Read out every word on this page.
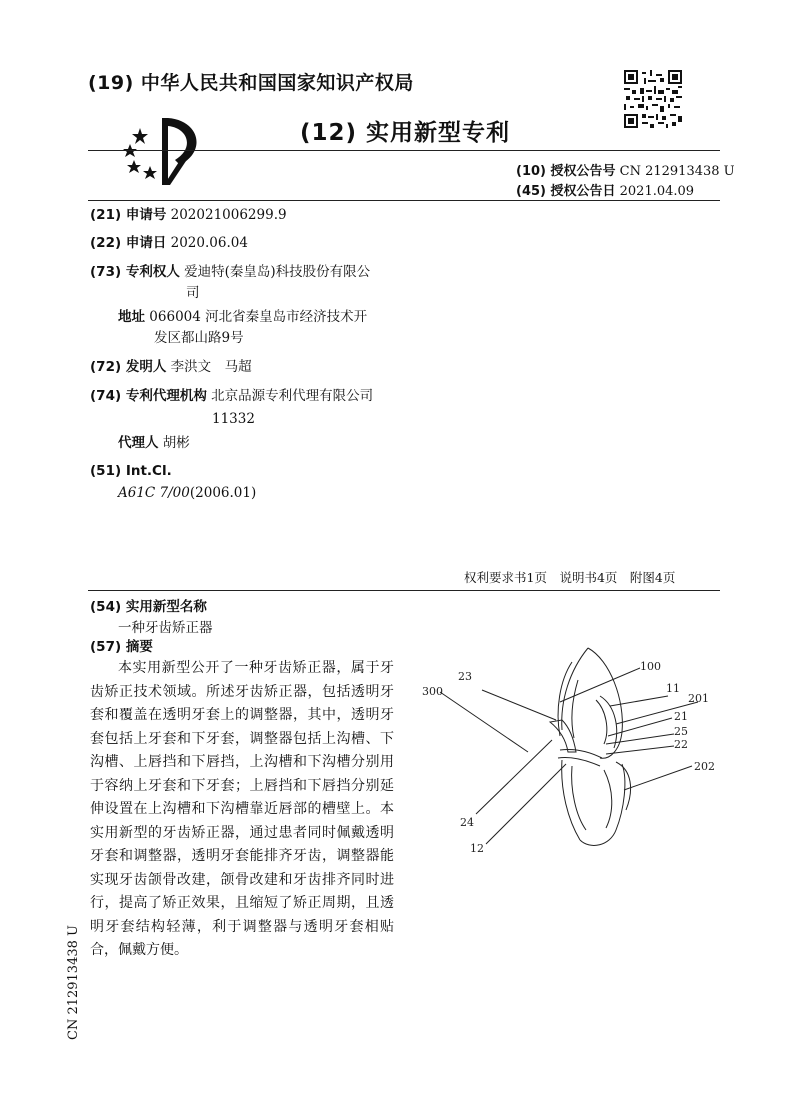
(19) 中华人民共和国国家知识产权局
(12) 实用新型专利
(10) 授权公告号 CN 212913438 U
(45) 授权公告日 2021.04.09
(21) 申请号 202021006299.9
(22) 申请日 2020.06.04
(73) 专利权人 爱迪特(秦皇岛)科技股份有限公
司
地址 066004 河北省秦皇岛市经济技术开
发区都山路9号
(72) 发明人 李洪文　马超
(74) 专利代理机构 北京品源专利代理有限公司
11332
代理人 胡彬
(51) Int.Cl.
A61C 7/00(2006.01)
权利要求书1页　说明书4页　附图4页
(54) 实用新型名称
一种牙齿矫正器
(57) 摘要
本实用新型公开了一种牙齿矫正器，属于牙齿矫正技术领域。所述牙齿矫正器，包括透明牙套和覆盖在透明牙套上的调整器，其中，透明牙套包括上牙套和下牙套，调整器包括上沟槽、下沟槽、上唇挡和下唇挡，上沟槽和下沟槽分别用于容纳上牙套和下牙套；上唇挡和下唇挡分别延伸设置在上沟槽和下沟槽靠近唇部的槽壁上。本实用新型的牙齿矫正器，通过患者同时佩戴透明牙套和调整器，透明牙套能排齐牙齿，调整器能实现牙齿颌骨改建，颌骨改建和牙齿排齐同时进行，提高了矫正效果，且缩短了矫正周期，且透明牙套结构轻薄，利于调整器与透明牙套相贴合，佩戴方便。
23
100
300	11
201
21
25
22
202
24
12
CN 212913438 U
